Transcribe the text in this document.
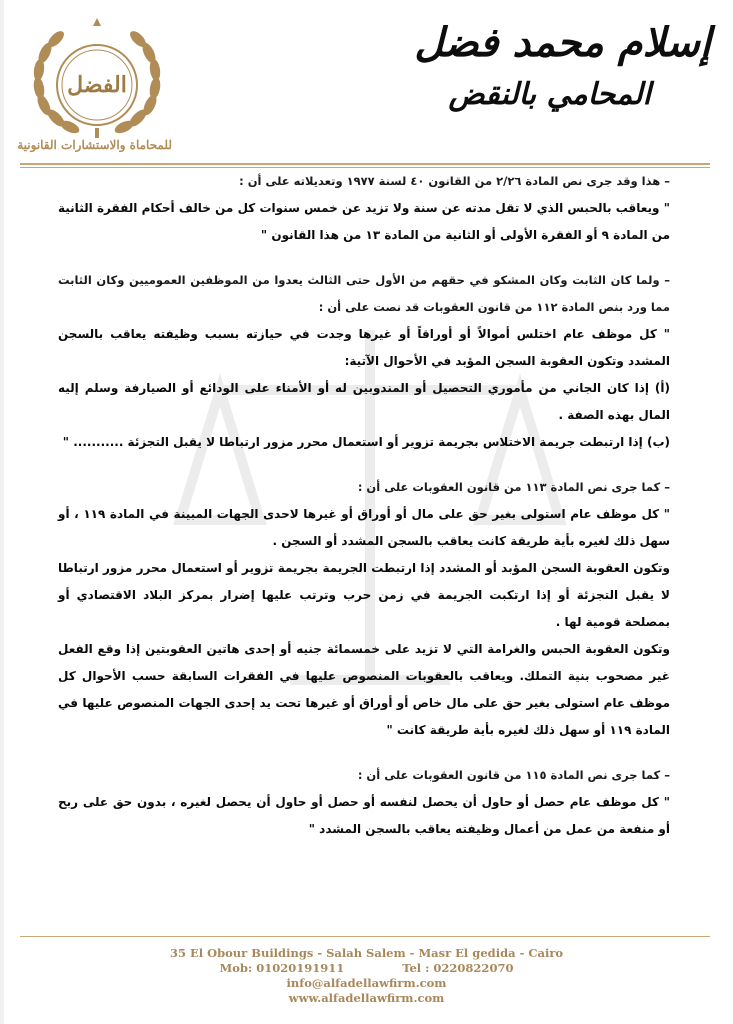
الفضل
للمحاماة والاستشارات القانونية
إسلام محمد فضل
المحامي بالنقض
– هذا وقد جرى نص المادة ٢/٢٦ من القانون ٤٠ لسنة ١٩٧٧ وتعديلاته على أن :
" ويعاقب بالحبس الذي لا تقل مدته عن سنة ولا تزيد عن خمس سنوات كل من خالف أحكام الفقرة الثانية من المادة ٩ أو الفقرة الأولى أو الثانية من المادة ١٣ من هذا القانون "
– ولما كان الثابت وكان المشكو في حقهم من الأول حتى الثالث يعدوا من الموظفين العموميين وكان الثابت مما ورد بنص المادة ١١٢ من قانون العقوبات قد نصت على أن :
" كل موظف عام اختلس أموالاً أو أوراقاً أو غيرها وجدت في حيازته بسبب وظيفته يعاقب بالسجن المشدد وتكون العقوبة السجن المؤبد في الأحوال الآتية:
(أ) إذا كان الجاني من مأموري التحصيل أو المندوبين له أو الأمناء على الودائع أو الصيارفة وسلم إليه المال بهذه الصفة .
(ب) إذا ارتبطت جريمة الاختلاس بجريمة تزوير أو استعمال محرر مزور ارتباطا لا يقبل التجزئة ........... "
– كما جرى نص المادة ١١٣ من قانون العقوبات على أن :
" كل موظف عام استولى بغير حق على مال أو أوراق أو غيرها لاحدى الجهات المبينة في المادة ١١٩ ، أو سهل ذلك لغيره بأية طريقة كانت يعاقب بالسجن المشدد أو السجن .
وتكون العقوبة السجن المؤبد أو المشدد إذا ارتبطت الجريمة بجريمة تزوير أو استعمال محرر مزور ارتباطا لا يقبل التجزئة أو إذا ارتكبت الجريمة في زمن حرب وترتب عليها إضرار بمركز البلاد الاقتصادي أو بمصلحة قومية لها .
وتكون العقوبة الحبس والغرامة التي لا تزيد على خمسمائة جنيه أو إحدى هاتين العقوبتين إذا وقع الفعل غير مصحوب بنية التملك. ويعاقب بالعقوبات المنصوص عليها في الفقرات السابقة حسب الأحوال كل موظف عام استولى بغير حق على مال خاص أو أوراق أو غيرها تحت يد إحدى الجهات المنصوص عليها في المادة ١١٩ أو سهل ذلك لغيره بأية طريقة كانت "
– كما جرى نص المادة ١١٥ من قانون العقوبات على أن :
" كل موظف عام حصل أو حاول أن يحصل لنفسه أو حصل أو حاول أن يحصل لغيره ، بدون حق على ربح أو منفعة من عمل من أعمال وظيفته يعاقب بالسجن المشدد "
35 El Obour Buildings - Salah Salem - Masr El gedida - Cairo
Mob: 01020191911	Tel : 0220822070
info@alfadellawfirm.com
www.alfadellawfirm.com
